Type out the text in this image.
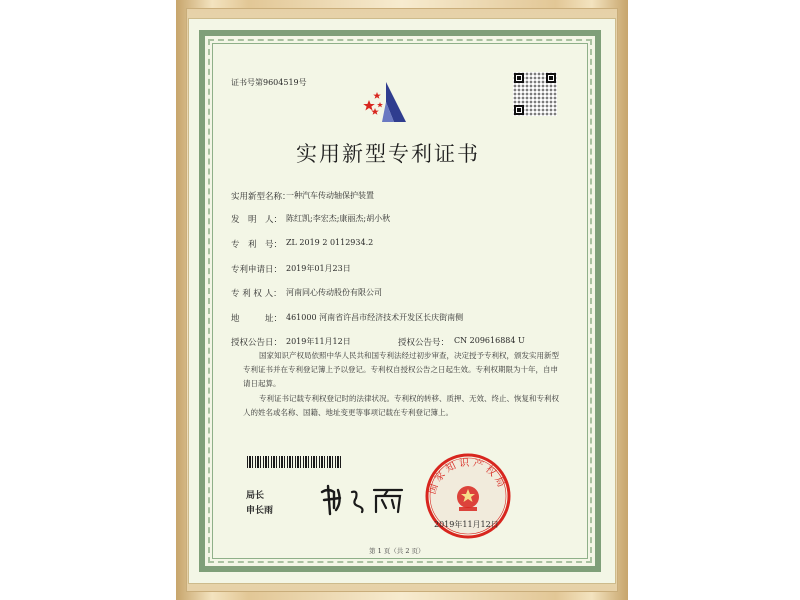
证书号第9604519号
实用新型专利证书
实用新型名称：
一种汽车传动轴保护装置
发　明　人： 陈红凯;李宏杰;康丽杰;胡小秋
专　利　号： ZL 2019 2 0112934.2
专利申请日： 2019年01月23日
专 利 权 人： 河南同心传动股份有限公司
地　　　址： 461000 河南省许昌市经济技术开发区长庆街南侧
授权公告日： 2019年11月12日	授权公告号： CN 209616884 U
国家知识产权局依照中华人民共和国专利法经过初步审查，决定授予专利权，颁发实用新型专利证书并在专利登记簿上予以登记。专利权自授权公告之日起生效。专利权期限为十年，自申请日起算。
专利证书记载专利权登记时的法律状况。专利权的转移、质押、无效、终止、恢复和专利权人的姓名或名称、国籍、地址变更等事项记载在专利登记簿上。
局长
申长雨
国家知识产权局
2019年11月12日
第 1 页（共 2 页）
